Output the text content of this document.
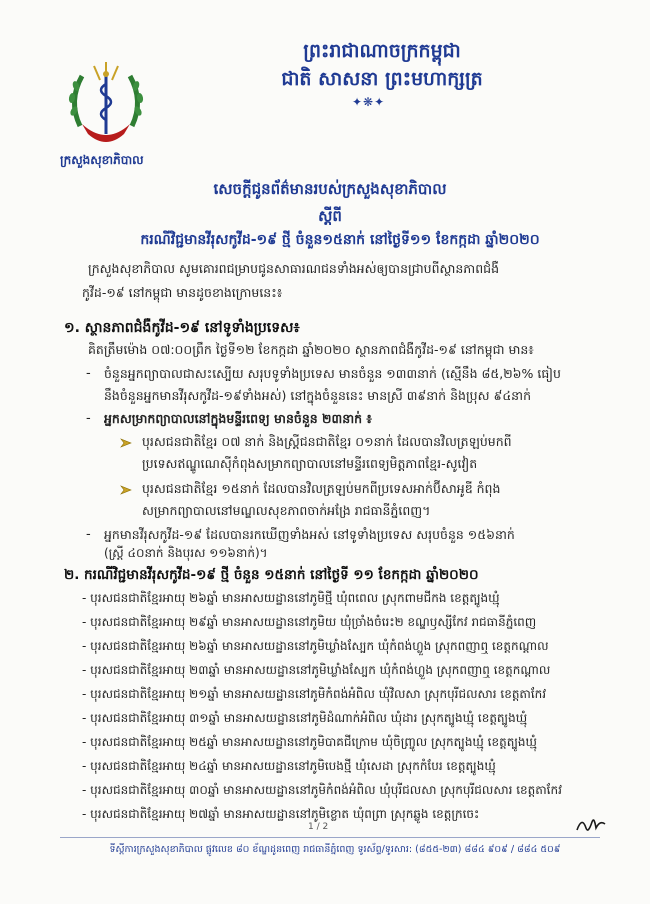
ក្រសួងសុខាភិបាល
ព្រះរាជាណាចក្រកម្ពុជា
ជាតិ សាសនា ព្រះមហាក្សត្រ
✦❋✦
សេចក្តីជូនព័ត៌មានរបស់ក្រសួងសុខាភិបាល
ស្តីពី
ករណីវិជ្ជមានវីរុសកូវីដ-១៩ ថ្មី ចំនួន១៥នាក់ នៅថ្ងៃទី១១ ខែកក្កដា ឆ្នាំ២០២០
ក្រសួងសុខាភិបាល សូមគោរពជម្រាបជូនសាធារណជនទាំងអស់ឲ្យបានជ្រាបពីស្ថានភាពជំងឺ
កូវីដ-១៩ នៅកម្ពុជា មានដូចខាងក្រោមនេះ៖
១. ស្ថានភាពជំងឺកូវីដ-១៩ នៅទូទាំងប្រទេស៖
គិតត្រឹមម៉ោង ០៧:០០ព្រឹក ថ្ងៃទី១២ ខែកក្កដា ឆ្នាំ២០២០ ស្ថានភាពជំងឺកូវីដ-១៩ នៅកម្ពុជា មាន៖
- ចំនួនអ្នកព្យាបាលជាសះស្បើយ សរុបទូទាំងប្រទេស មានចំនួន ១៣៣នាក់ (ស្មើនឹង ៨៥,២៦% ធៀប
នឹងចំនួនអ្នកមានវីរុសកូវីដ-១៩ទាំងអស់) នៅក្នុងចំនួននេះ មានស្រី ៣៩នាក់ និងប្រុស ៩៤នាក់
- អ្នកសម្រាកព្យាបាលនៅក្នុងមន្ទីរពេទ្យ មានចំនួន ២៣នាក់ ៖
បុរសជនជាតិខ្មែរ ០៧ នាក់ និងស្ត្រីជនជាតិខ្មែរ ០១នាក់ ដែលបានវិលត្រឡប់មកពី
ប្រទេសឥណ្ឌូណេស៊ីកំពុងសម្រាកព្យាបាលនៅមន្ទីរពេទ្យមិត្តភាពខ្មែរ-សូវៀត
បុរសជនជាតិខ្មែរ ១៥នាក់ ដែលបានវិលត្រឡប់មកពីប្រទេសអាក់ប៊ីសាអូឌី កំពុង
សម្រាកព្យាបាលនៅមណ្ឌលសុខភាពចាក់អង្រែ រាជធានីភ្នំពេញ។
- អ្នកមានវីរុសកូវីដ-១៩ ដែលបានរកឃើញទាំងអស់ នៅទូទាំងប្រទេស សរុបចំនួន ១៥៦នាក់
(ស្ត្រី ៤០នាក់ និងបុរស ១១៦នាក់)។
២. ករណីវិជ្ជមានវីរុសកូវីដ-១៩ ថ្មី ចំនួន ១៥នាក់ នៅថ្ងៃទី ១១ ខែកក្កដា ឆ្នាំ២០២០
- បុរសជនជាតិខ្មែរអាយុ ២៦ឆ្នាំ មានអាសយដ្ឋាននៅភូមិថ្មី ឃុំពពេល ស្រុកពាមជីកង ខេត្តត្បូងឃ្មុំ
- បុរសជនជាតិខ្មែរអាយុ ២៩ឆ្នាំ មានអាសយដ្ឋាននៅភូមិយ ឃុំច្រាំងចំរេះ២ ខណ្ឌឫស្សីកែវ រាជធានីភ្នំពេញ
- បុរសជនជាតិខ្មែរអាយុ ២៦ឆ្នាំ មានអាសយដ្ឋាននៅភូមិឃ្លាំងស្បែក ឃុំកំពង់ហ្លួង ស្រុកពញាឮ ខេត្តកណ្តាល
- បុរសជនជាតិខ្មែរអាយុ ២៣ឆ្នាំ មានអាសយដ្ឋាននៅភូមិឃ្លាំងស្បែក ឃុំកំពង់ហ្លួង ស្រុកពញាឮ ខេត្តកណ្តាល
- បុរសជនជាតិខ្មែរអាយុ ២១ឆ្នាំ មានអាសយដ្ឋាននៅភូមិកំពង់អំពិល ឃុំវិលសា ស្រុកបុរីជលសារ ខេត្តតាកែវ
- បុរសជនជាតិខ្មែរអាយុ ៣១ឆ្នាំ មានអាសយដ្ឋាននៅភូមិដំណាក់អំពិល ឃុំដារ ស្រុកត្បូងឃ្មុំ ខេត្តត្បូងឃ្មុំ
- បុរសជនជាតិខ្មែរអាយុ ២៥ឆ្នាំ មានអាសយដ្ឋាននៅភូមិបាគជីក្រោម ឃុំចិញ្ច្រូល ស្រុកត្បូងឃ្មុំ ខេត្តត្បូងឃ្មុំ
- បុរសជនជាតិខ្មែរអាយុ ២៤ឆ្នាំ មានអាសយដ្ឋាននៅភូមិបេងថ្មី ឃុំសេដា ស្រុកកំបែរ ខេត្តត្បូងឃ្មុំ
- បុរសជនជាតិខ្មែរអាយុ ៣០ឆ្នាំ មានអាសយដ្ឋាននៅភូមិកំពង់អំពិល ឃុំបុរីជលសា ស្រុកបុរីជលសារ ខេត្តតាកែវ
- បុរសជនជាតិខ្មែរអាយុ ២៧ឆ្នាំ មានអាសយដ្ឋាននៅភូមិខ្លោត ឃុំពព្រា ស្រុកឆ្លូង ខេត្តក្រចេះ
1 / 2
ទីស្តីការក្រសួងសុខាភិបាល ផ្លូវលេខ ៨០ ខ័ណ្ឌដូនពេញ រាជធានីភ្នំពេញ ទូរស័ព្ទ/ទូរសារ: (៨៥៥-២៣) ៨៨៤ ៩០៩ / ៨៨៤ ៥០៩
